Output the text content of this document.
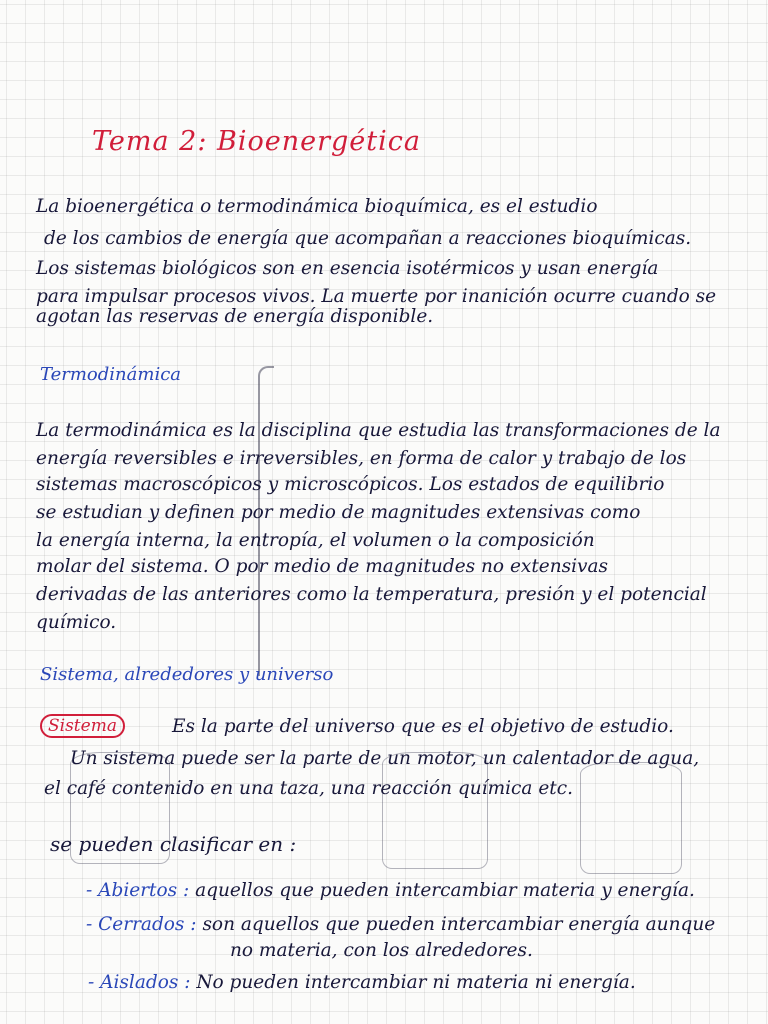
Tema 2: Bioenergética
La bioenergética o termodinámica bioquímica, es el estudio
de los cambios de energía que acompañan a reacciones bioquímicas.
Los sistemas biológicos son en esencia isotérmicos y usan energía
para impulsar procesos vivos. La muerte por inanición ocurre cuando se
agotan las reservas de energía disponible.
Termodinámica
La termodinámica es la disciplina que estudia las transformaciones de la
energía reversibles e irreversibles, en forma de calor y trabajo de los
sistemas macroscópicos y microscópicos. Los estados de equilibrio
se estudian y definen por medio de magnitudes extensivas como
la energía interna, la entropía, el volumen o la composición
molar del sistema. O por medio de magnitudes no extensivas
derivadas de las anteriores como la temperatura, presión y el potencial
químico.
Sistema, alrededores y universo
Sistema	Es la parte del universo que es el objetivo de estudio.
Un sistema puede ser la parte de un motor, un calentador de agua,
el café contenido en una taza, una reacción química etc.
se pueden clasificar en :
- Abiertos : aquellos que pueden intercambiar materia y energía.
- Cerrados : son aquellos que pueden intercambiar energía aunque
no materia, con los alrededores.
- Aislados : No pueden intercambiar ni materia ni energía.
